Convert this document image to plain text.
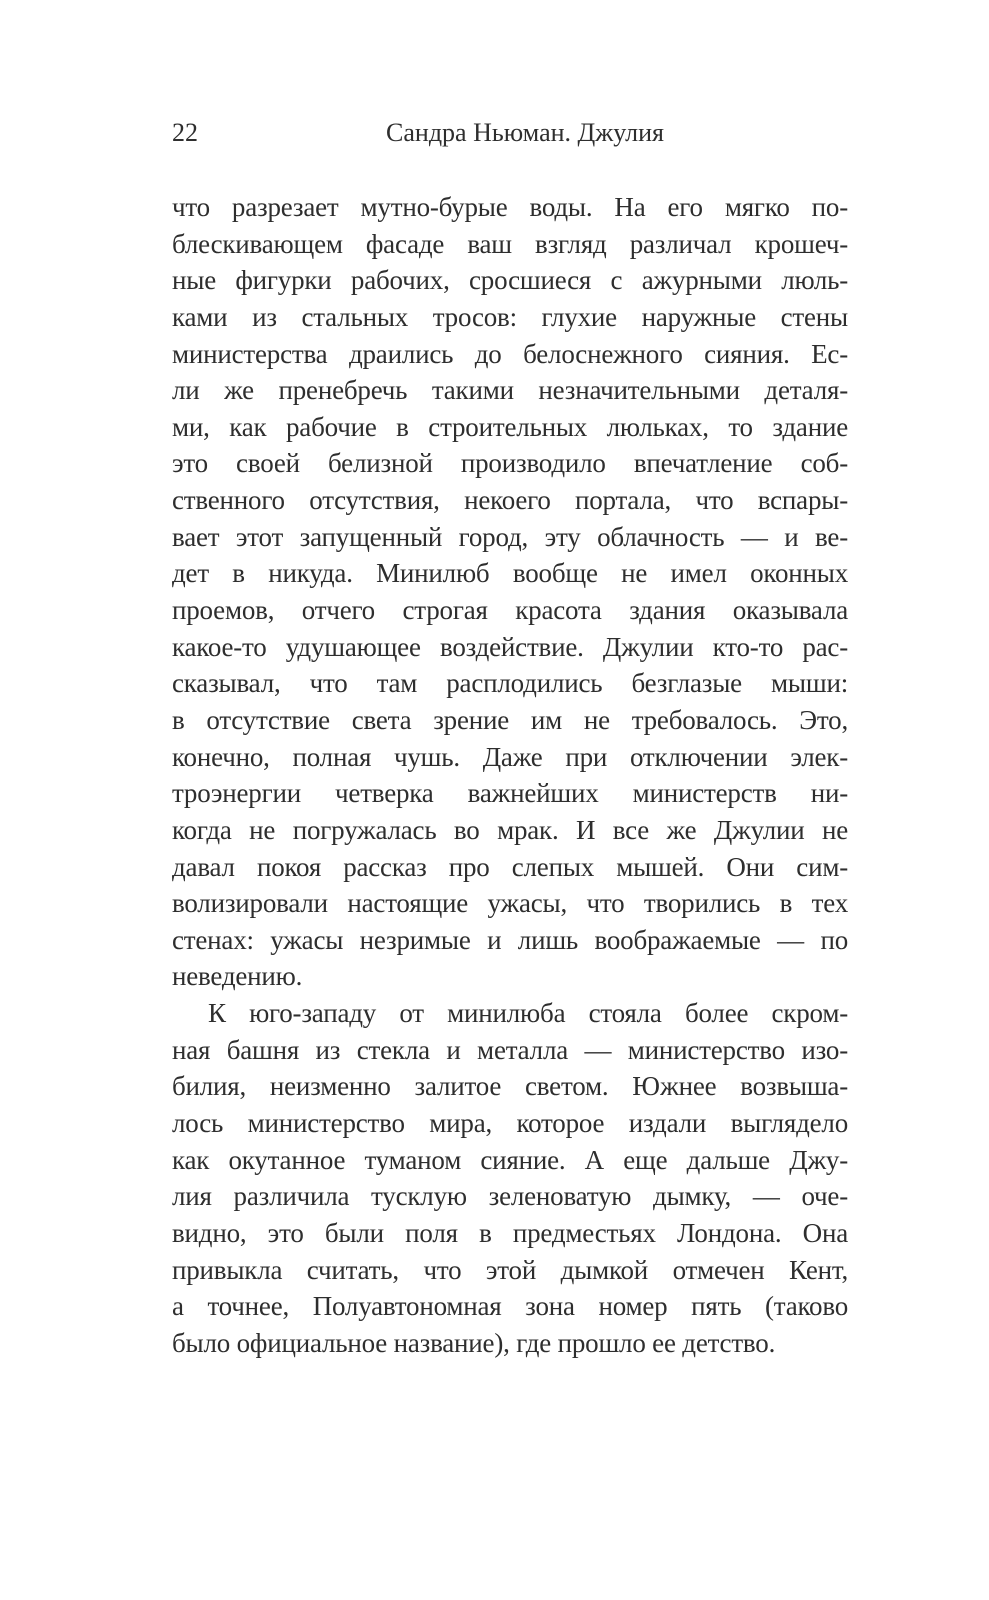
22	Сандра Ньюман. Джулия
что разрезает мутно-бурые воды. На его мягко по-
блескивающем фасаде ваш взгляд различал крошеч-
ные фигурки рабочих, сросшиеся с ажурными люль-
ками из стальных тросов: глухие наружные стены
министерства драились до белоснежного сияния. Ес-
ли же пренебречь такими незначительными деталя-
ми, как рабочие в строительных люльках, то здание
это своей белизной производило впечатление соб-
ственного отсутствия, некоего портала, что вспары-
вает этот запущенный город, эту облачность — и ве-
дет в никуда. Минилюб вообще не имел оконных
проемов, отчего строгая красота здания оказывала
какое-то удушающее воздействие. Джулии кто-то рас-
сказывал, что там расплодились безглазые мыши:
в отсутствие света зрение им не требовалось. Это,
конечно, полная чушь. Даже при отключении элек-
троэнергии четверка важнейших министерств ни-
когда не погружалась во мрак. И все же Джулии не
давал покоя рассказ про слепых мышей. Они сим-
волизировали настоящие ужасы, что творились в тех
стенах: ужасы незримые и лишь воображаемые — по
неведению.
К юго-западу от минилюба стояла более скром-
ная башня из стекла и металла — министерство изо-
билия, неизменно залитое светом. Южнее возвыша-
лось министерство мира, которое издали выглядело
как окутанное туманом сияние. А еще дальше Джу-
лия различила тусклую зеленоватую дымку, — оче-
видно, это были поля в предместьях Лондона. Она
привыкла считать, что этой дымкой отмечен Кент,
а точнее, Полуавтономная зона номер пять (таково
было официальное название), где прошло ее детство.
